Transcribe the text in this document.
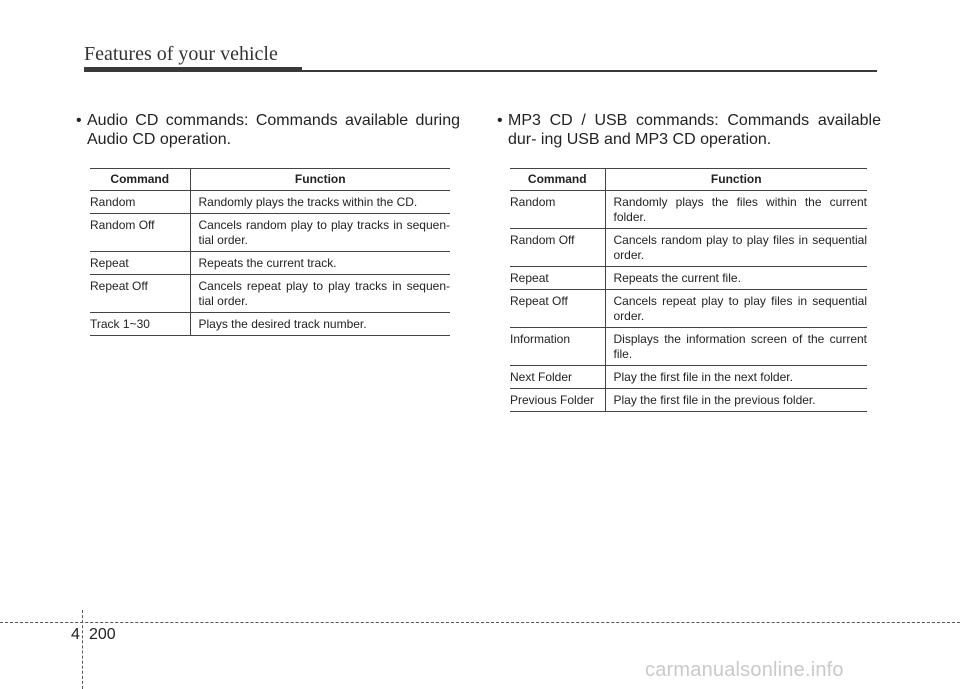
Features of your vehicle
• Audio CD commands: Commands available during Audio CD operation.
Command	Function
Random	Randomly plays the tracks within the CD.
Random Off	Cancels random play to play tracks in sequen- tial order.
Repeat	Repeats the current track.
Repeat Off	Cancels repeat play to play tracks in sequen- tial order.
Track 1~30	Plays the desired track number.
• MP3 CD / USB commands: Commands available dur- ing USB and MP3 CD operation.
Command	Function
Random	Randomly plays the files within the current folder.
Random Off	Cancels random play to play files in sequential order.
Repeat	Repeats the current file.
Repeat Off	Cancels repeat play to play files in sequential order.
Information	Displays the information screen of the current file.
Next Folder	Play the first file in the next folder.
Previous Folder	Play the first file in the previous folder.
4 200
carmanualsonline.info
